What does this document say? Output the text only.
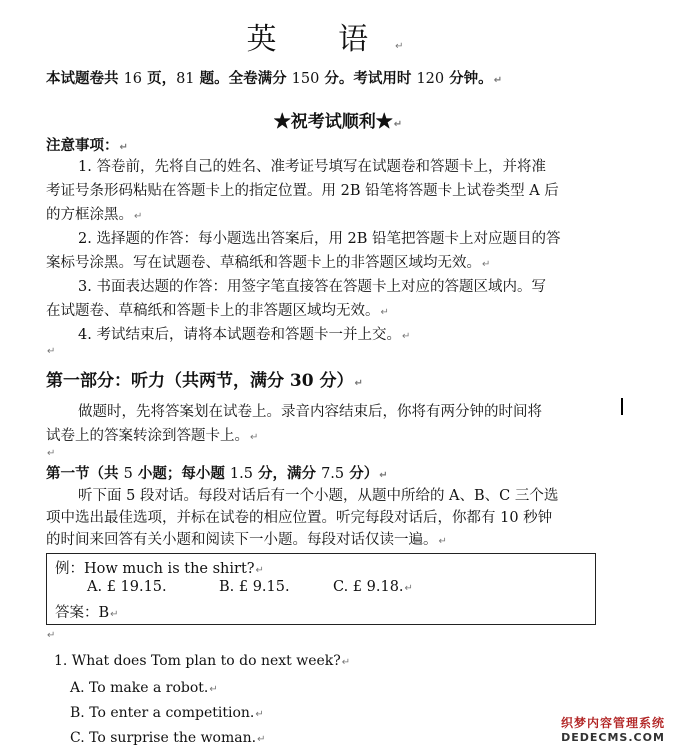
英 语↵
本试题卷共 16 页，81 题。全卷满分 150 分。考试用时 120 分钟。↵
★祝考试顺利★↵
注意事项：↵
1. 答卷前，先将自己的姓名、准考证号填写在试题卷和答题卡上，并将准
考证号条形码粘贴在答题卡上的指定位置。用 2B 铅笔将答题卡上试卷类型 A 后
的方框涂黑。↵
2. 选择题的作答：每小题选出答案后，用 2B 铅笔把答题卡上对应题目的答
案标号涂黑。写在试题卷、草稿纸和答题卡上的非答题区域均无效。↵
3. 书面表达题的作答：用签字笔直接答在答题卡上对应的答题区域内。写
在试题卷、草稿纸和答题卡上的非答题区域均无效。↵
4. 考试结束后，请将本试题卷和答题卡一并上交。↵
↵
第一部分：听力（共两节，满分 30 分）↵
做题时，先将答案划在试卷上。录音内容结束后，你将有两分钟的时间将
试卷上的答案转涂到答题卡上。↵
↵
第一节（共 5 小题；每小题 1.5 分，满分 7.5 分）↵
听下面 5 段对话。每段对话后有一个小题，从题中所给的 A、B、C 三个选
项中选出最佳选项，并标在试卷的相应位置。听完每段对话后，你都有 10 秒钟
的时间来回答有关小题和阅读下一小题。每段对话仅读一遍。↵
例：How much is the shirt?↵
A. £ 19.15.	B. £ 9.15.	C. £ 9.18.↵
答案：B↵
↵
1. What does Tom plan to do next week?↵
A. To make a robot.↵
B. To enter a competition.↵
C. To surprise the woman.↵
织梦内容管理系统
DEDECMS.COM
